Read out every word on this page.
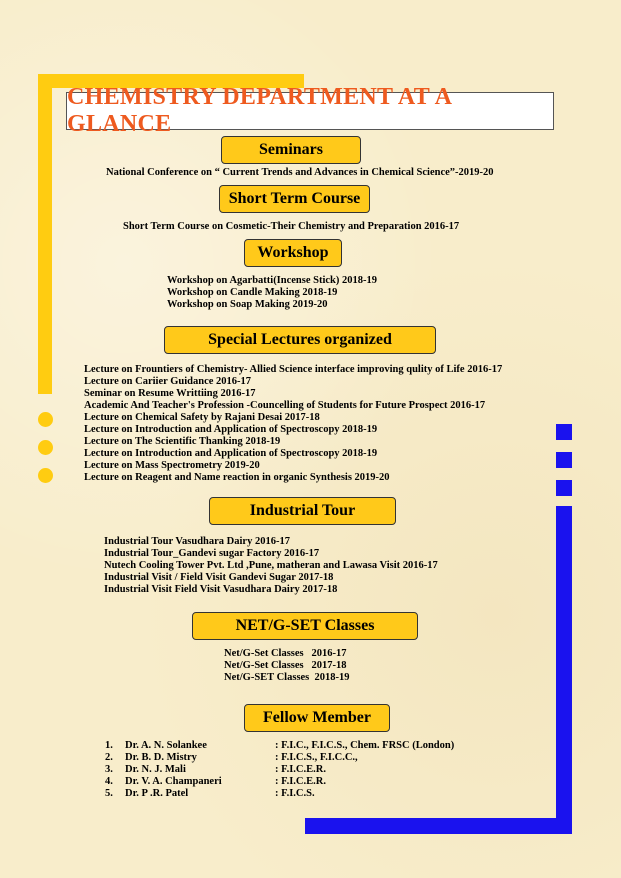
CHEMISTRY DEPARTMENT AT A GLANCE
Seminars
National Conference on “ Current Trends and Advances in Chemical Science”-2019-20
Short Term Course
Short Term Course on Cosmetic-Their Chemistry and Preparation 2016-17
Workshop
Workshop on Agarbatti(Incense Stick) 2018-19
Workshop on Candle Making 2018-19
Workshop on Soap Making 2019-20
Special Lectures organized
Lecture on Frountiers of Chemistry- Allied Science interface improving qulity of Life 2016-17
Lecture on Cariier Guidance 2016-17
Seminar on Resume Writtiing 2016-17
Academic And Teacher's Profession -Councelling of Students for Future Prospect 2016-17
Lecture on Chemical Safety by Rajani Desai 2017-18
Lecture on Introduction and Application of Spectroscopy 2018-19
Lecture on The Scientific Thanking 2018-19
Lecture on Introduction and Application of Spectroscopy 2018-19
Lecture on Mass Spectrometry 2019-20
Lecture on Reagent and Name reaction in organic Synthesis 2019-20
Industrial Tour
Industrial Tour Vasudhara Dairy 2016-17
Industrial Tour_Gandevi sugar Factory 2016-17
Nutech Cooling Tower Pvt. Ltd ,Pune, matheran and Lawasa Visit 2016-17
Industrial Visit / Field Visit Gandevi Sugar 2017-18
Industrial Visit Field Visit Vasudhara Dairy 2017-18
NET/G-SET Classes
Net/G-Set Classes   2016-17
Net/G-Set Classes   2017-18
Net/G-SET Classes  2018-19
Fellow Member
1.	Dr. A. N. Solankee	: F.I.C., F.I.C.S., Chem. FRSC (London)
2.	Dr. B. D. Mistry	: F.I.C.S., F.I.C.C.,
3.	Dr. N. J. Mali	: F.I.C.E.R.
4.	Dr. V. A. Champaneri	: F.I.C.E.R.
5.	Dr. P .R. Patel	: F.I.C.S.
